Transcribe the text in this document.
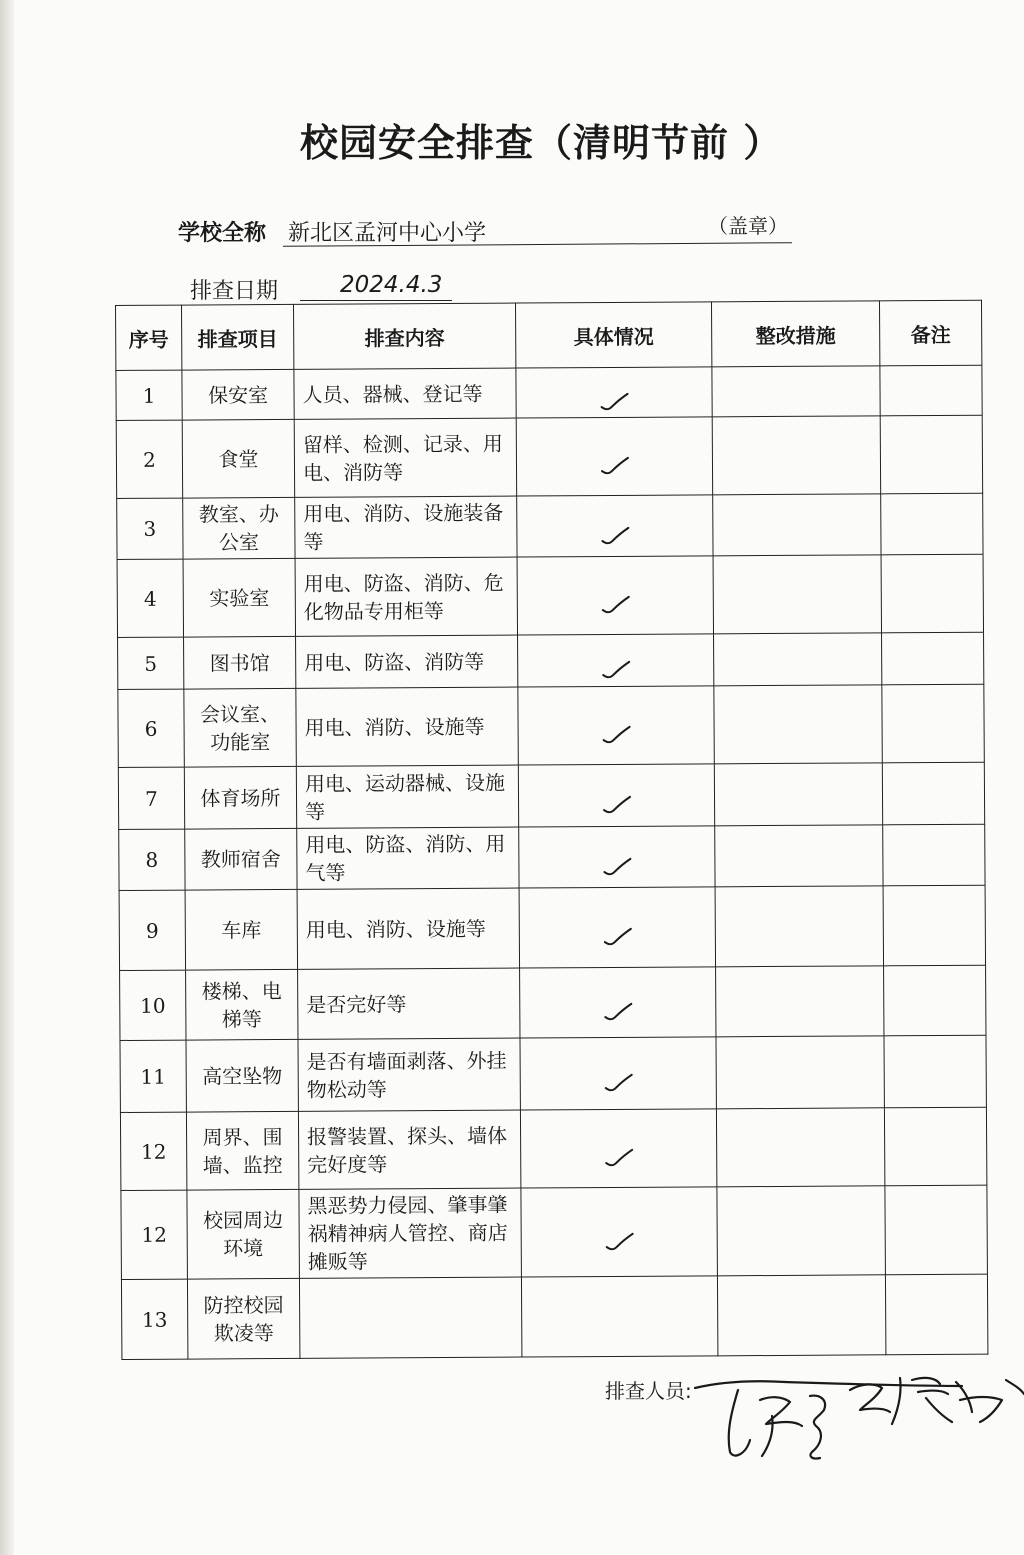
校园安全排查（清明节前 ）
学校全称 新北区孟河中心小学	（盖章）
排查日期	2024.4.3
序号	排查项目	排查内容	具体情况	整改措施	备注
1	保安室	人员、器械、登记等	

2	食堂	留样、检测、记录、用电、消防等	

3	教室、办公室	用电、消防、设施装备等	

4	实验室	用电、防盗、消防、危化物品专用柜等	

5	图书馆	用电、防盗、消防等	

6	会议室、功能室	用电、消防、设施等	

7	体育场所	用电、运动器械、设施等	

8	教师宿舍	用电、防盗、消防、用气等	

9	车库	用电、消防、设施等	

10	楼梯、电梯等	是否完好等	

11	高空坠物	是否有墙面剥落、外挂物松动等	

12	周界、围墙、监控	报警装置、探头、墙体完好度等	

12	校园周边环境	黑恶势力侵园、肇事肇祸精神病人管控、商店摊贩等	

13	防控校园欺凌等				
排查人员:
